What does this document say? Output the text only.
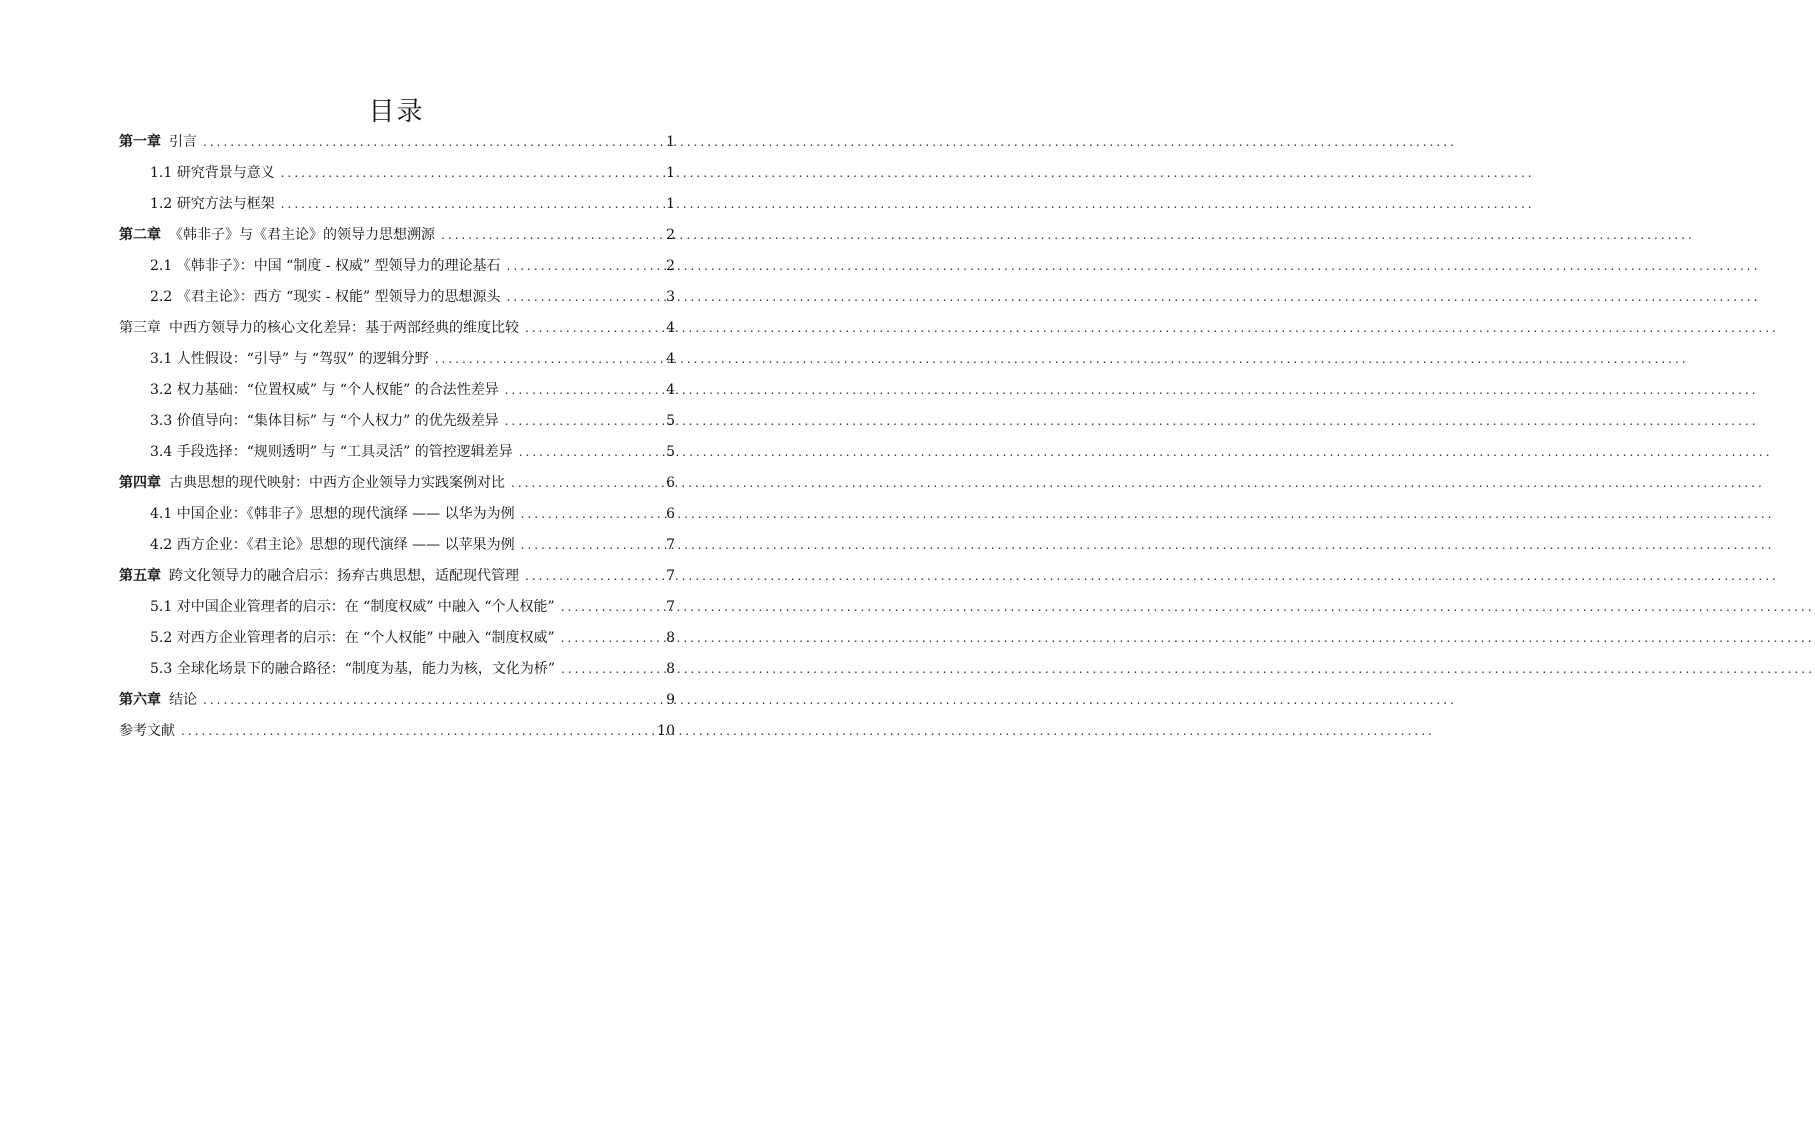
目录
第一章 引言 .....	1
1.1 研究背景与意义 .....	1
1.2 研究方法与框架 .....	1
第二章 《韩非子》与《君主论》的领导力思想溯源 .....	2
2.1 《韩非子》：中国 “制度 - 权威” 型领导力的理论基石 .....	2
2.2 《君主论》：西方 “现实 - 权能” 型领导力的思想源头 .....	3
第三章 中西方领导力的核心文化差异：基于两部经典的维度比较 .....	4
3.1 人性假设：“引导” 与 “驾驭” 的逻辑分野 .....	4
3.2 权力基础：“位置权威” 与 “个人权能” 的合法性差异 .....	4
3.3 价值导向：“集体目标” 与 “个人权力” 的优先级差异 .....	5
3.4 手段选择：“规则透明” 与 “工具灵活” 的管控逻辑差异 .....	5
第四章 古典思想的现代映射：中西方企业领导力实践案例对比 .....	6
4.1 中国企业：《韩非子》思想的现代演绎 —— 以华为为例 .....	6
4.2 西方企业：《君主论》思想的现代演绎 —— 以苹果为例 .....	7
第五章 跨文化领导力的融合启示：扬弃古典思想，适配现代管理 .....	7
5.1 对中国企业管理者的启示：在 “制度权威” 中融入 “个人权能” .....	7
5.2 对西方企业管理者的启示：在 “个人权能” 中融入 “制度权威” .....	8
5.3 全球化场景下的融合路径：“制度为基，能力为核，文化为桥” .....	8
第六章 结论 .....	9
参考文献 .....	10
